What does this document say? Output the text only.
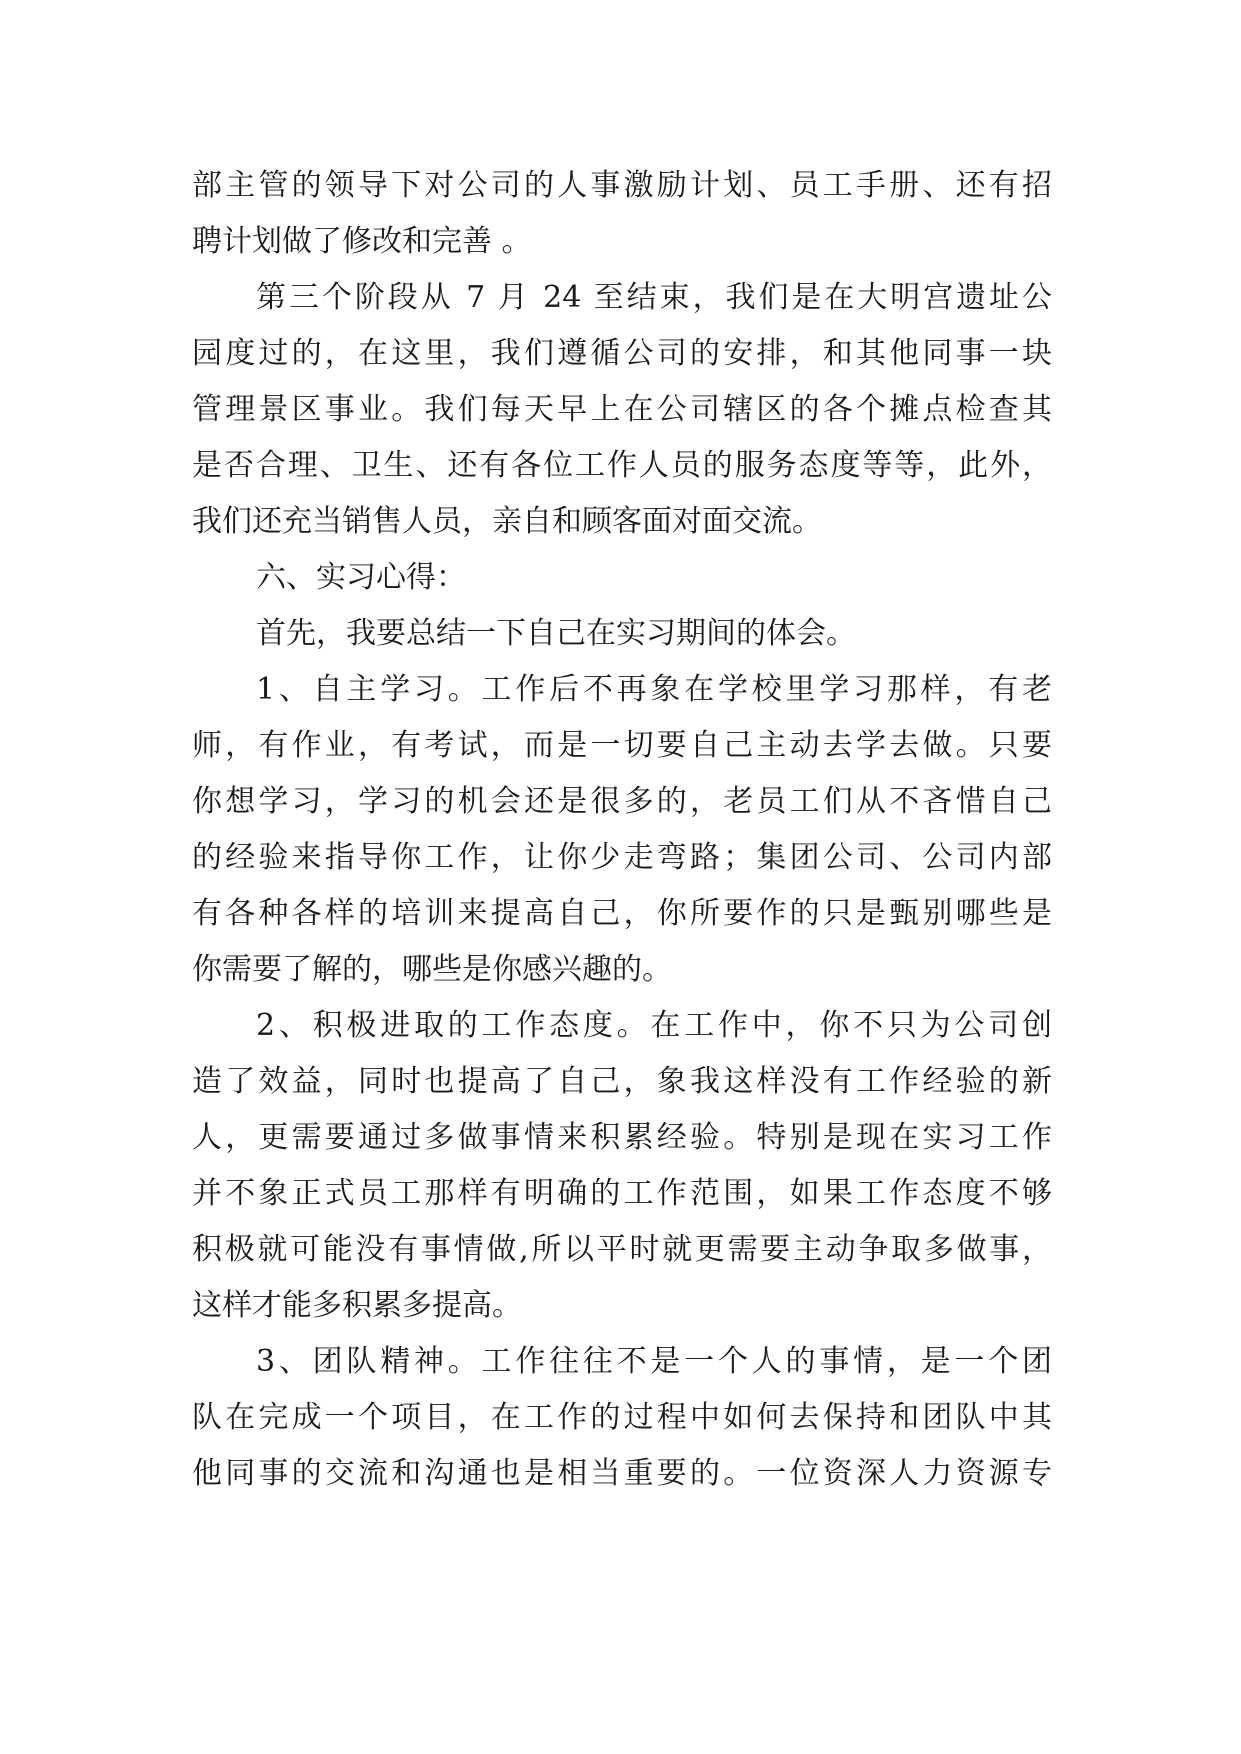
部主管的领导下对公司的人事激励计划、员工手册、还有招
聘计划做了修改和完善 。
第三个阶段从 7 月 24 至结束，我们是在大明宫遗址公
园度过的，在这里，我们遵循公司的安排，和其他同事一块
管理景区事业。我们每天早上在公司辖区的各个摊点检查其
是否合理、卫生、还有各位工作人员的服务态度等等，此外，
我们还充当销售人员，亲自和顾客面对面交流。
六、实习心得：
首先，我要总结一下自己在实习期间的体会。
1、自主学习。工作后不再象在学校里学习那样，有老
师，有作业，有考试，而是一切要自己主动去学去做。只要
你想学习，学习的机会还是很多的，老员工们从不吝惜自己
的经验来指导你工作，让你少走弯路；集团公司、公司内部
有各种各样的培训来提高自己，你所要作的只是甄别哪些是
你需要了解的，哪些是你感兴趣的。
2、积极进取的工作态度。在工作中，你不只为公司创
造了效益，同时也提高了自己，象我这样没有工作经验的新
人，更需要通过多做事情来积累经验。特别是现在实习工作
并不象正式员工那样有明确的工作范围，如果工作态度不够
积极就可能没有事情做,所以平时就更需要主动争取多做事，
这样才能多积累多提高。
3、团队精神。工作往往不是一个人的事情，是一个团
队在完成一个项目，在工作的过程中如何去保持和团队中其
他同事的交流和沟通也是相当重要的。一位资深人力资源专
